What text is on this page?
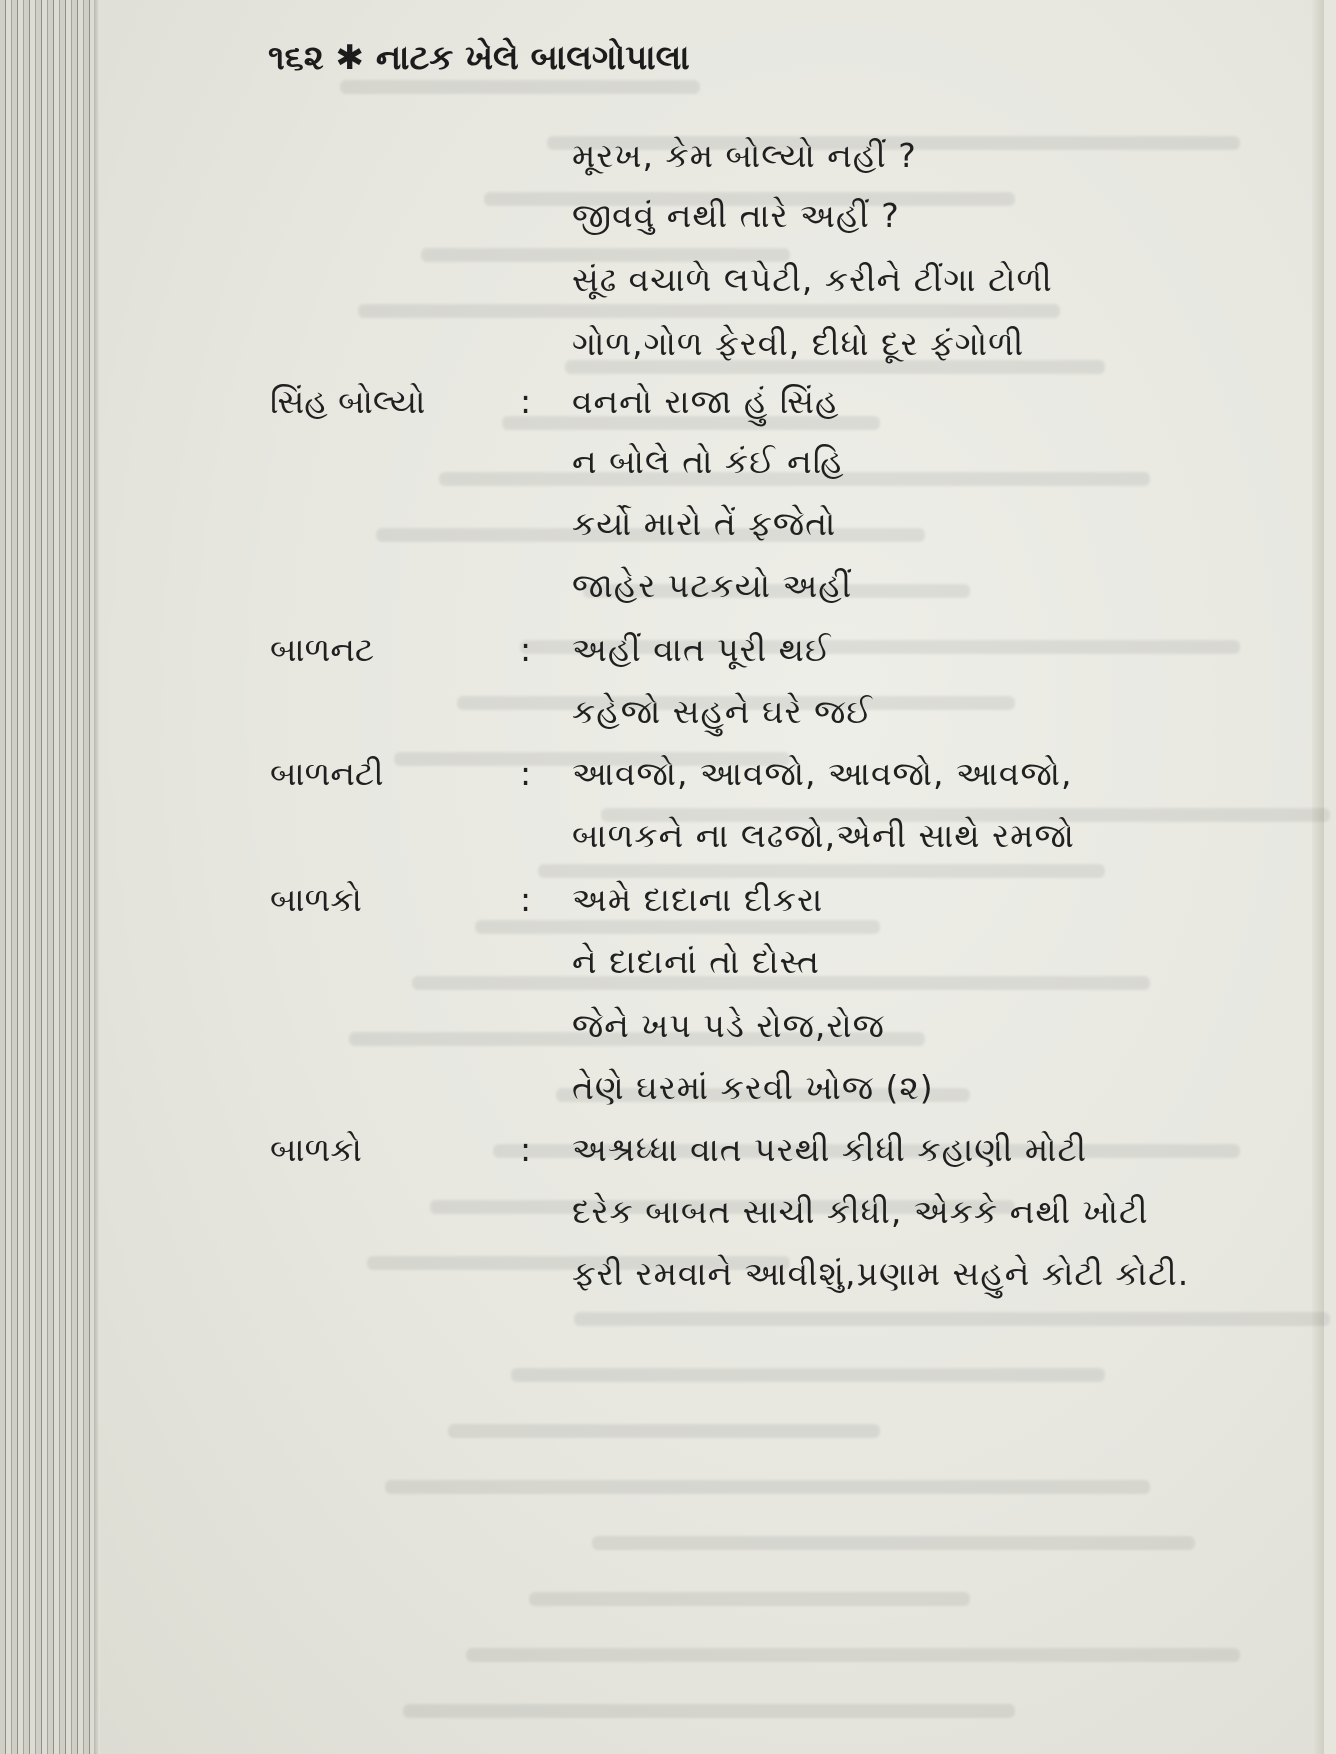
૧૬૨ ✱ નાટક ખેલે બાલગોપાલા
મૂરખ, કેમ બોલ્યો નહીં ?
જીવવું નથી તારે અહીં ?
સૂંઢ વચાળે લપેટી, કરીને ટીંગા ટોળી
ગોળ,ગોળ ફેરવી, દીધો દૂર ફંગોળી
સિંહ બોલ્યો	: વનનો રાજા હું સિંહ
ન બોલે તો કંઈ નહિ
કર્યો મારો તેં ફજેતો
જાહેર પટકયો અહીં
બાળનટ	: અહીં વાત પૂરી થઈ
કહેજો સહુને ઘરે જઈ
બાળનટી	: આવજો, આવજો, આવજો, આવજો,
બાળકને ના લઢજો,એની સાથે રમજો
બાળકો	: અમે દાદાના દીકરા
ને દાદાનાં તો દોસ્ત
જેને ખપ પડે રોજ,રોજ
તેણે ઘરમાં કરવી ખોજ (૨)
બાળકો	: અશ્રધ્ધા વાત પરથી કીધી કહાણી મોટી
દરેક બાબત સાચી કીધી, એકકે નથી ખોટી
ફરી રમવાને આવીશું,પ્રણામ સહુને કોટી કોટી.
